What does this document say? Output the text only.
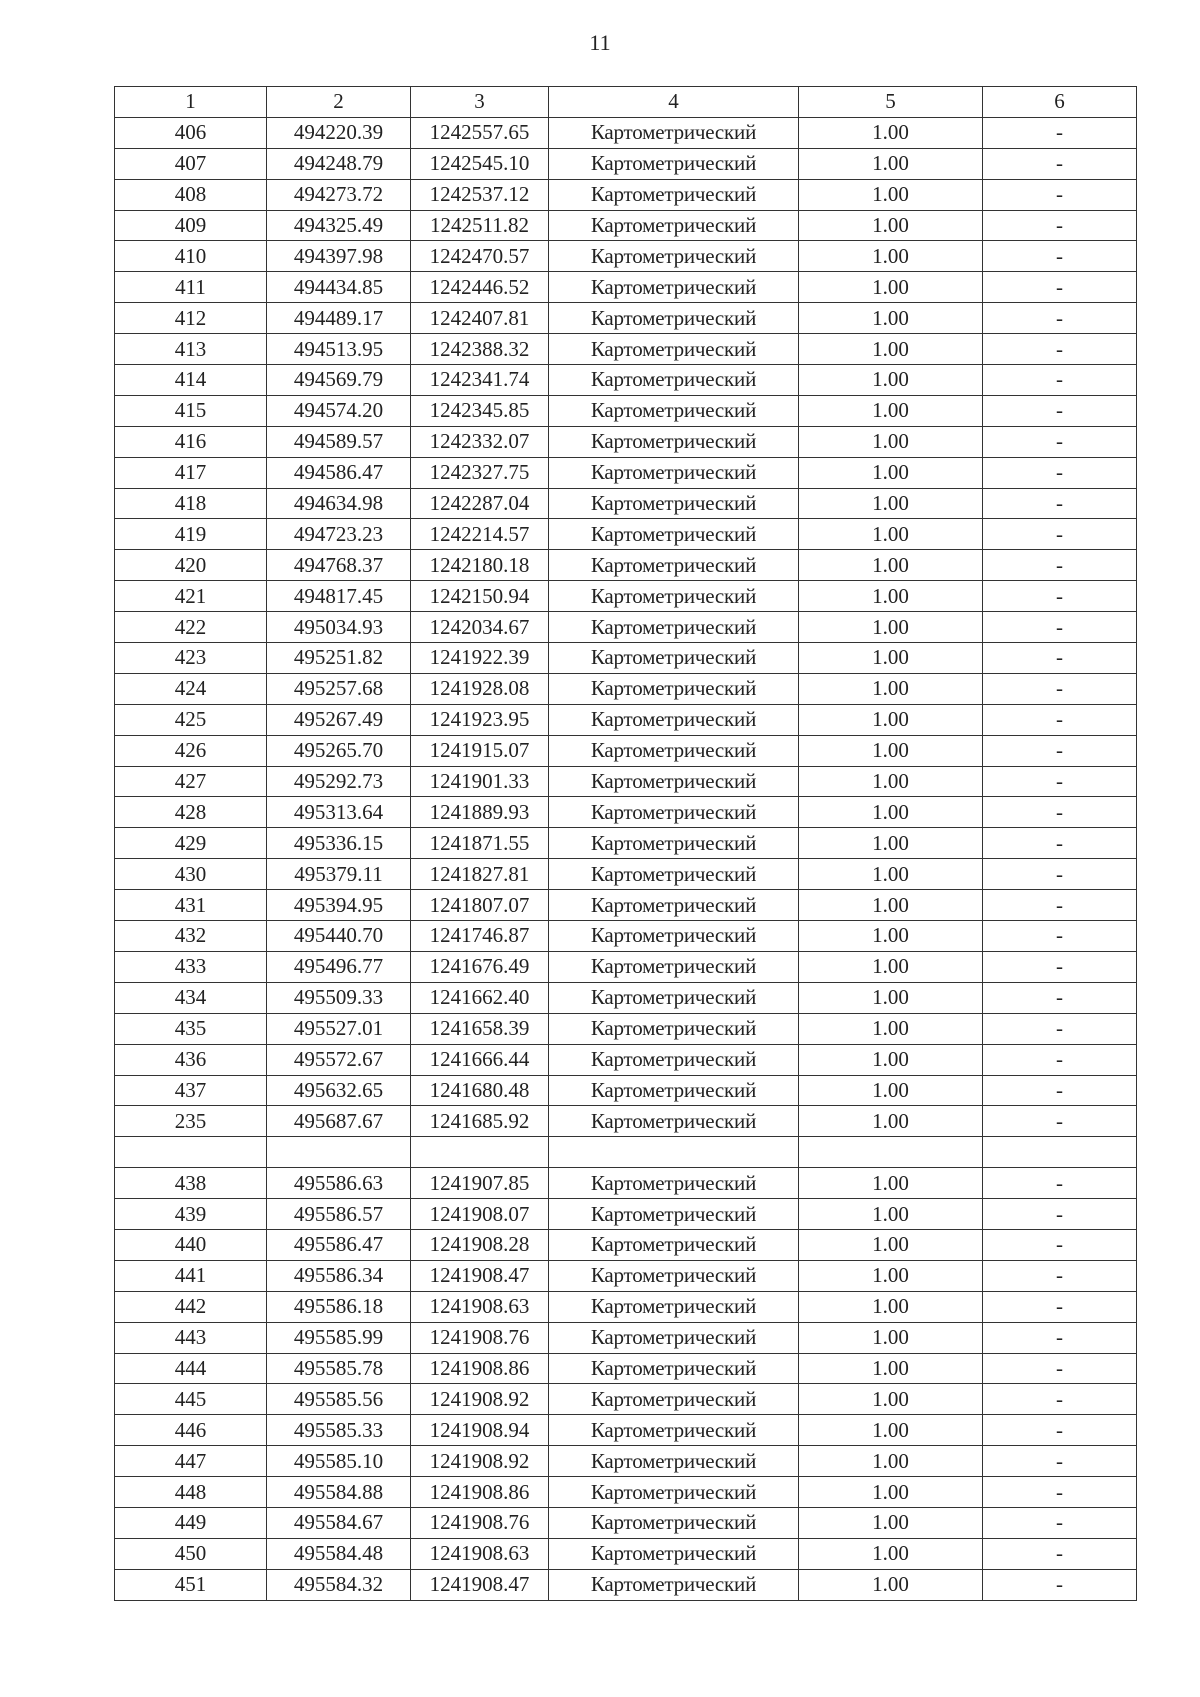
11
1	2	3	4	5	6
406	494220.39	1242557.65	Картометрический	1.00	-
407	494248.79	1242545.10	Картометрический	1.00	-
408	494273.72	1242537.12	Картометрический	1.00	-
409	494325.49	1242511.82	Картометрический	1.00	-
410	494397.98	1242470.57	Картометрический	1.00	-
411	494434.85	1242446.52	Картометрический	1.00	-
412	494489.17	1242407.81	Картометрический	1.00	-
413	494513.95	1242388.32	Картометрический	1.00	-
414	494569.79	1242341.74	Картометрический	1.00	-
415	494574.20	1242345.85	Картометрический	1.00	-
416	494589.57	1242332.07	Картометрический	1.00	-
417	494586.47	1242327.75	Картометрический	1.00	-
418	494634.98	1242287.04	Картометрический	1.00	-
419	494723.23	1242214.57	Картометрический	1.00	-
420	494768.37	1242180.18	Картометрический	1.00	-
421	494817.45	1242150.94	Картометрический	1.00	-
422	495034.93	1242034.67	Картометрический	1.00	-
423	495251.82	1241922.39	Картометрический	1.00	-
424	495257.68	1241928.08	Картометрический	1.00	-
425	495267.49	1241923.95	Картометрический	1.00	-
426	495265.70	1241915.07	Картометрический	1.00	-
427	495292.73	1241901.33	Картометрический	1.00	-
428	495313.64	1241889.93	Картометрический	1.00	-
429	495336.15	1241871.55	Картометрический	1.00	-
430	495379.11	1241827.81	Картометрический	1.00	-
431	495394.95	1241807.07	Картометрический	1.00	-
432	495440.70	1241746.87	Картометрический	1.00	-
433	495496.77	1241676.49	Картометрический	1.00	-
434	495509.33	1241662.40	Картометрический	1.00	-
435	495527.01	1241658.39	Картометрический	1.00	-
436	495572.67	1241666.44	Картометрический	1.00	-
437	495632.65	1241680.48	Картометрический	1.00	-
235	495687.67	1241685.92	Картометрический	1.00	-

438	495586.63	1241907.85	Картометрический	1.00	-
439	495586.57	1241908.07	Картометрический	1.00	-
440	495586.47	1241908.28	Картометрический	1.00	-
441	495586.34	1241908.47	Картометрический	1.00	-
442	495586.18	1241908.63	Картометрический	1.00	-
443	495585.99	1241908.76	Картометрический	1.00	-
444	495585.78	1241908.86	Картометрический	1.00	-
445	495585.56	1241908.92	Картометрический	1.00	-
446	495585.33	1241908.94	Картометрический	1.00	-
447	495585.10	1241908.92	Картометрический	1.00	-
448	495584.88	1241908.86	Картометрический	1.00	-
449	495584.67	1241908.76	Картометрический	1.00	-
450	495584.48	1241908.63	Картометрический	1.00	-
451	495584.32	1241908.47	Картометрический	1.00	-
